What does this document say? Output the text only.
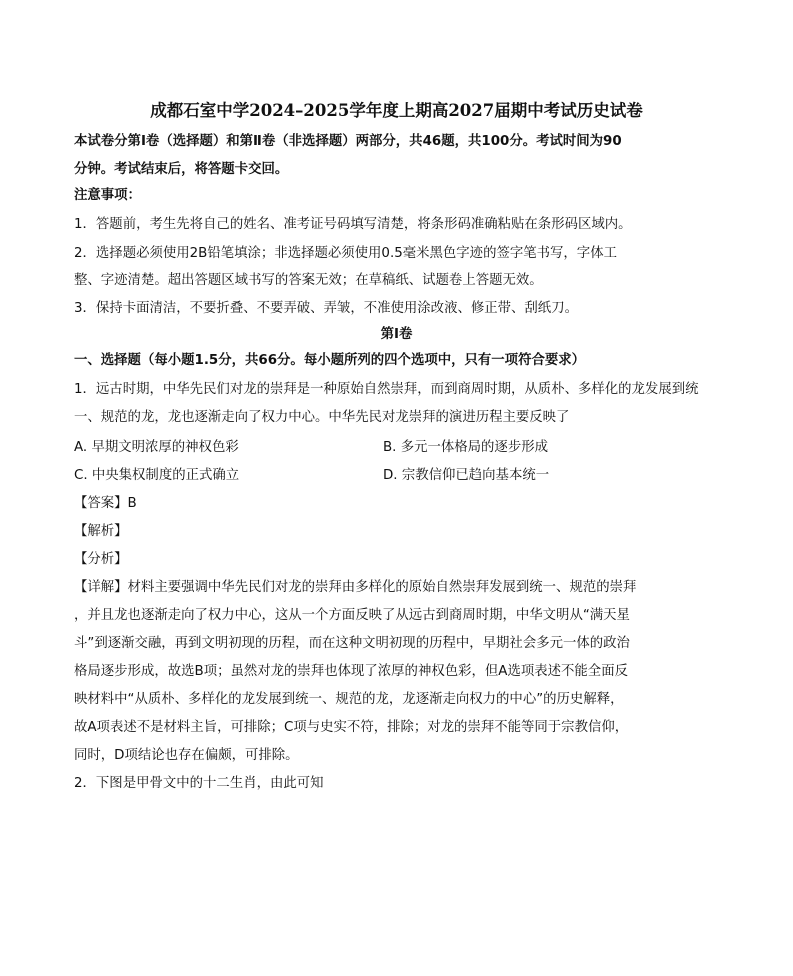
成都石室中学2024–2025学年度上期高2027届期中考试历史试卷
本试卷分第Ⅰ卷（选择题）和第Ⅱ卷（非选择题）两部分，共46题，共100分。考试时间为90
分钟。考试结束后，将答题卡交回。
注意事项：
1．答题前，考生先将自己的姓名、准考证号码填写清楚，将条形码准确粘贴在条形码区域内。
2．选择题必须使用2B铅笔填涂；非选择题必须使用0.5毫米黑色字迹的签字笔书写，字体工
整、字迹清楚。超出答题区域书写的答案无效；在草稿纸、试题卷上答题无效。
3．保持卡面清洁，不要折叠、不要弄破、弄皱，不准使用涂改液、修正带、刮纸刀。
第Ⅰ卷
一、选择题（每小题1.5分，共66分。每小题所列的四个选项中，只有一项符合要求）
1．远古时期，中华先民们对龙的崇拜是一种原始自然崇拜，而到商周时期，从质朴、多样化的龙发展到统
一、规范的龙，龙也逐渐走向了权力中心。中华先民对龙崇拜的演进历程主要反映了
A. 早期文明浓厚的神权色彩	B. 多元一体格局的逐步形成
C. 中央集权制度的正式确立	D. 宗教信仰已趋向基本统一
【答案】B
【解析】
【分析】
【详解】材料主要强调中华先民们对龙的崇拜由多样化的原始自然崇拜发展到统一、规范的崇拜
，并且龙也逐渐走向了权力中心，这从一个方面反映了从远古到商周时期，中华文明从“满天星
斗”到逐渐交融，再到文明初现的历程，而在这种文明初现的历程中，早期社会多元一体的政治
格局逐步形成，故选B项；虽然对龙的崇拜也体现了浓厚的神权色彩，但A选项表述不能全面反
映材料中“从质朴、多样化的龙发展到统一、规范的龙，龙逐渐走向权力的中心”的历史解释，
故A项表述不是材料主旨，可排除；C项与史实不符，排除；对龙的崇拜不能等同于宗教信仰，
同时，D项结论也存在偏颇，可排除。
2．下图是甲骨文中的十二生肖，由此可知
